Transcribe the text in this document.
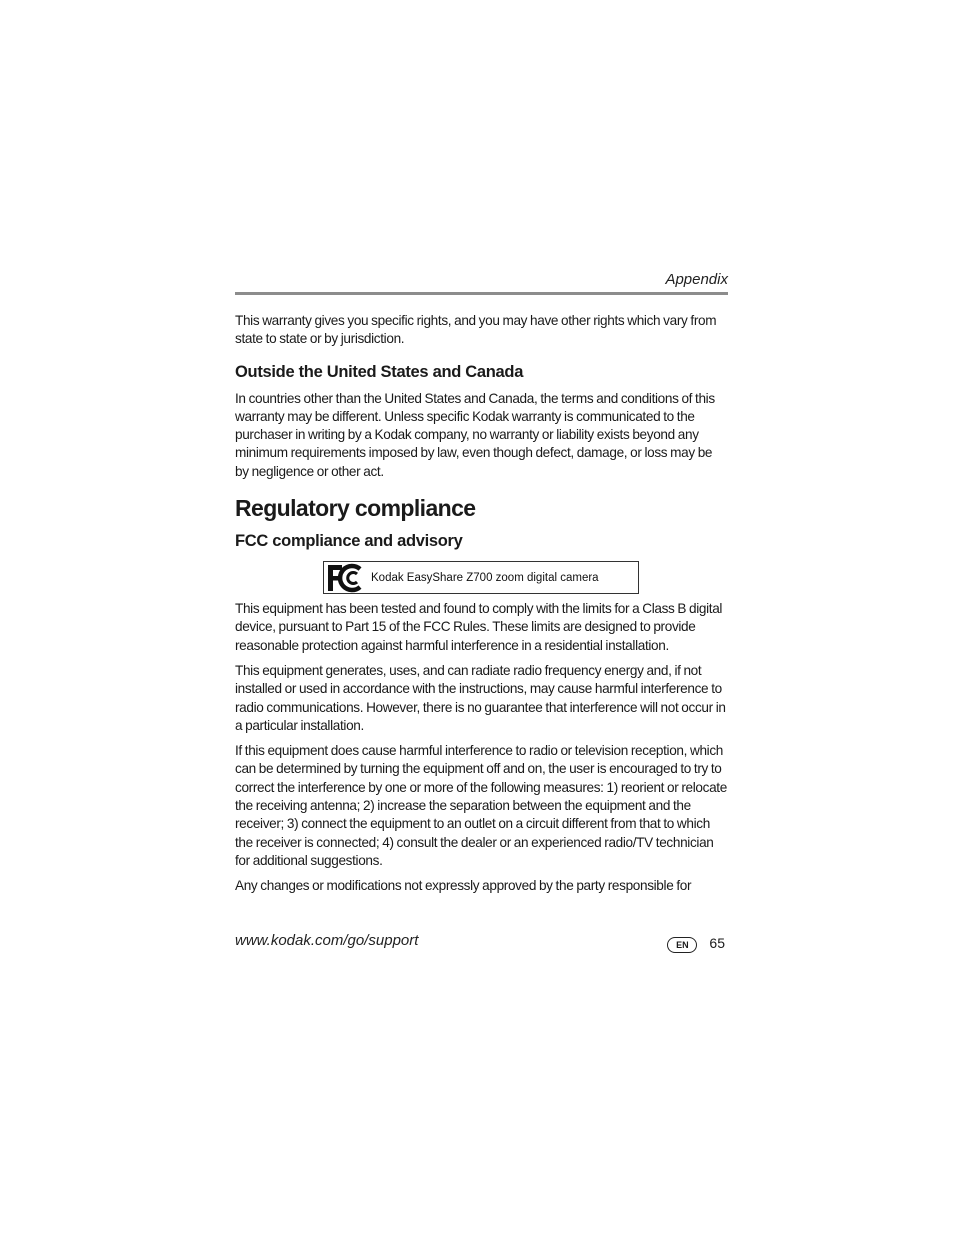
Appendix

This warranty gives you specific rights, and you may have other rights which vary from state to state or by jurisdiction.

Outside the United States and Canada

In countries other than the United States and Canada, the terms and conditions of this warranty may be different. Unless specific Kodak warranty is communicated to the purchaser in writing by a Kodak company, no warranty or liability exists beyond any minimum requirements imposed by law, even though defect, damage, or loss may be by negligence or other act.

Regulatory compliance
FCC compliance and advisory
Kodak EasyShare Z700 zoom digital camera

This equipment has been tested and found to comply with the limits for a Class B digital device, pursuant to Part 15 of the FCC Rules. These limits are designed to provide reasonable protection against harmful interference in a residential installation.

This equipment generates, uses, and can radiate radio frequency energy and, if not installed or used in accordance with the instructions, may cause harmful interference to radio communications. However, there is no guarantee that interference will not occur in a particular installation.

If this equipment does cause harmful interference to radio or television reception, which can be determined by turning the equipment off and on, the user is encouraged to try to correct the interference by one or more of the following measures: 1) reorient or relocate the receiving antenna; 2) increase the separation between the equipment and the receiver; 3) connect the equipment to an outlet on a circuit different from that to which the receiver is connected; 4) consult the dealer or an experienced radio/TV technician for additional suggestions.

Any changes or modifications not expressly approved by the party responsible for

www.kodak.com/go/support	EN	65
